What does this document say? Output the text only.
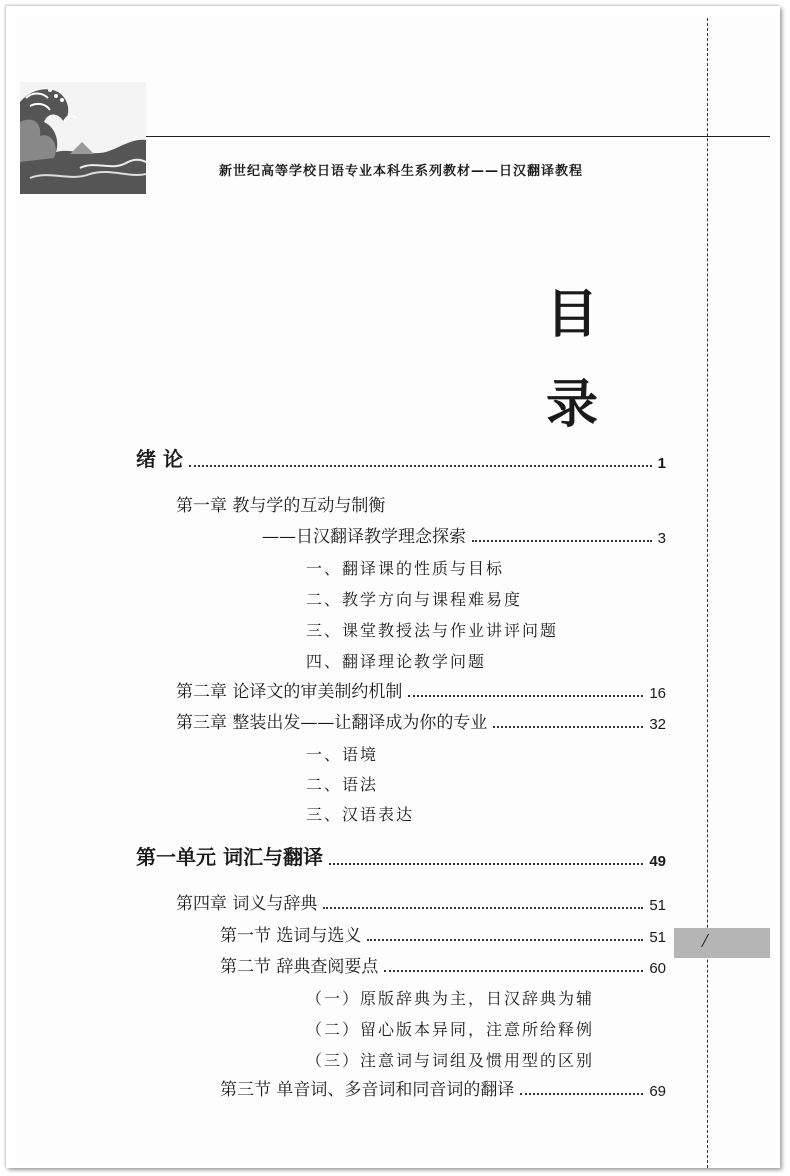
新世纪高等学校日语专业本科生系列教材——日汉翻译教程
目
录
绪 论	1
第一章 教与学的互动与制衡
——日汉翻译教学理念探索	3
一、翻译课的性质与目标
二、教学方向与课程难易度
三、课堂教授法与作业讲评问题
四、翻译理论教学问题
第二章 论译文的审美制约机制	16
第三章 整装出发——让翻译成为你的专业	32
一、语境
二、语法
三、汉语表达
第一单元 词汇与翻译	49
第四章 词义与辞典	51
第一节 选词与选义	51
第二节 辞典查阅要点	60
（一）原版辞典为主，日汉辞典为辅
（二）留心版本异同，注意所给释例
（三）注意词与词组及惯用型的区别
第三节 单音词、多音词和同音词的翻译	69
/
